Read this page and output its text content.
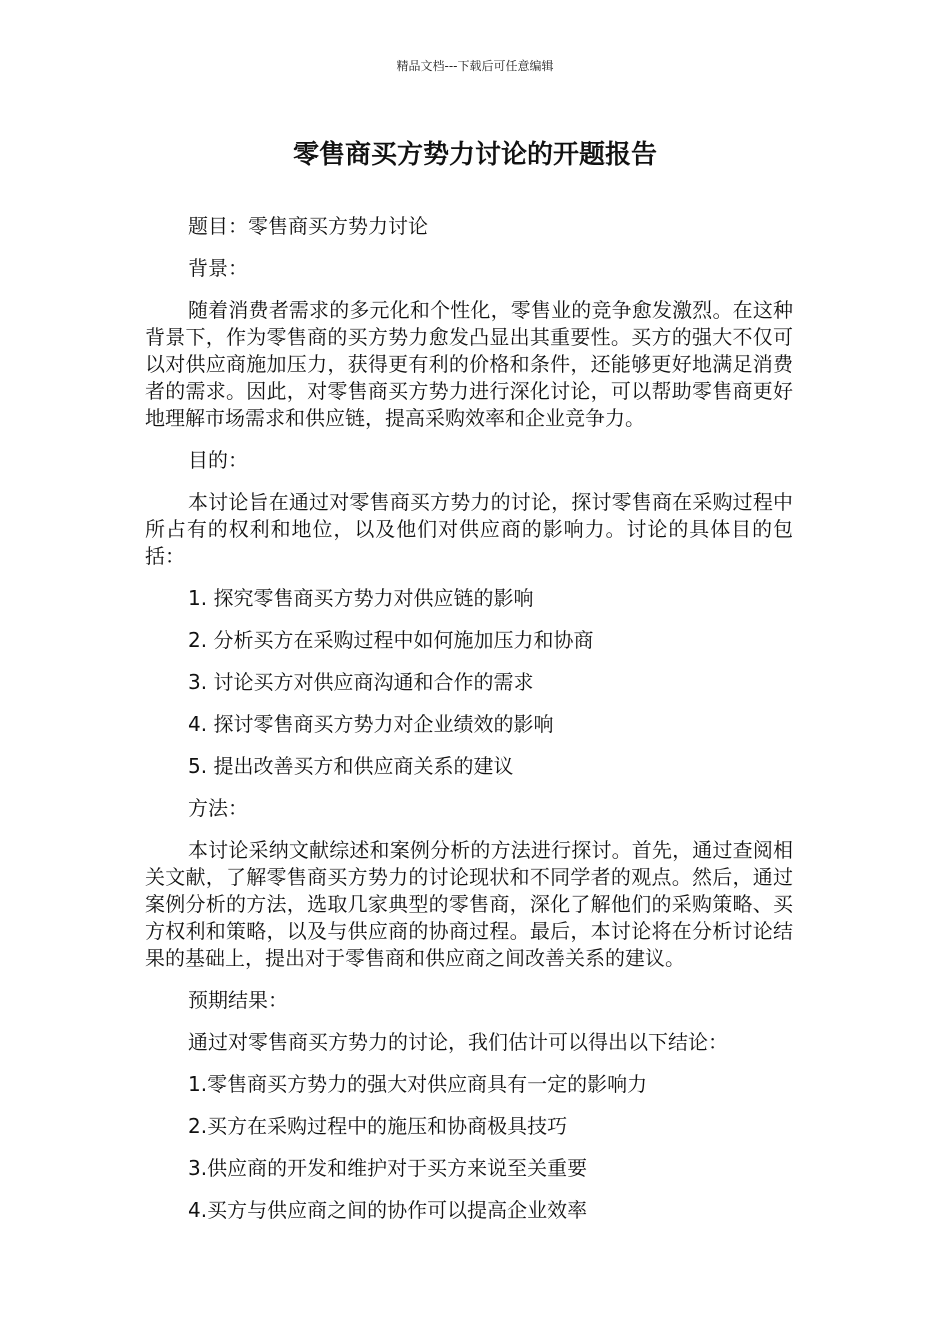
精品文档---下载后可任意编辑
零售商买方势力讨论的开题报告

题目：零售商买方势力讨论

背景：

随着消费者需求的多元化和个性化，零售业的竞争愈发激烈。在这种背景下，作为零售商的买方势力愈发凸显出其重要性。买方的强大不仅可以对供应商施加压力，获得更有利的价格和条件，还能够更好地满足消费者的需求。因此，对零售商买方势力进行深化讨论，可以帮助零售商更好地理解市场需求和供应链，提高采购效率和企业竞争力。

目的：

本讨论旨在通过对零售商买方势力的讨论，探讨零售商在采购过程中所占有的权利和地位，以及他们对供应商的影响力。讨论的具体目的包括：

1. 探究零售商买方势力对供应链的影响

2. 分析买方在采购过程中如何施加压力和协商

3. 讨论买方对供应商沟通和合作的需求

4. 探讨零售商买方势力对企业绩效的影响

5. 提出改善买方和供应商关系的建议

方法：

本讨论采纳文献综述和案例分析的方法进行探讨。首先，通过查阅相关文献，了解零售商买方势力的讨论现状和不同学者的观点。然后，通过案例分析的方法，选取几家典型的零售商，深化了解他们的采购策略、买方权利和策略，以及与供应商的协商过程。最后，本讨论将在分析讨论结果的基础上，提出对于零售商和供应商之间改善关系的建议。

预期结果：

通过对零售商买方势力的讨论，我们估计可以得出以下结论：

1.零售商买方势力的强大对供应商具有一定的影响力

2.买方在采购过程中的施压和协商极具技巧

3.供应商的开发和维护对于买方来说至关重要

4.买方与供应商之间的协作可以提高企业效率
